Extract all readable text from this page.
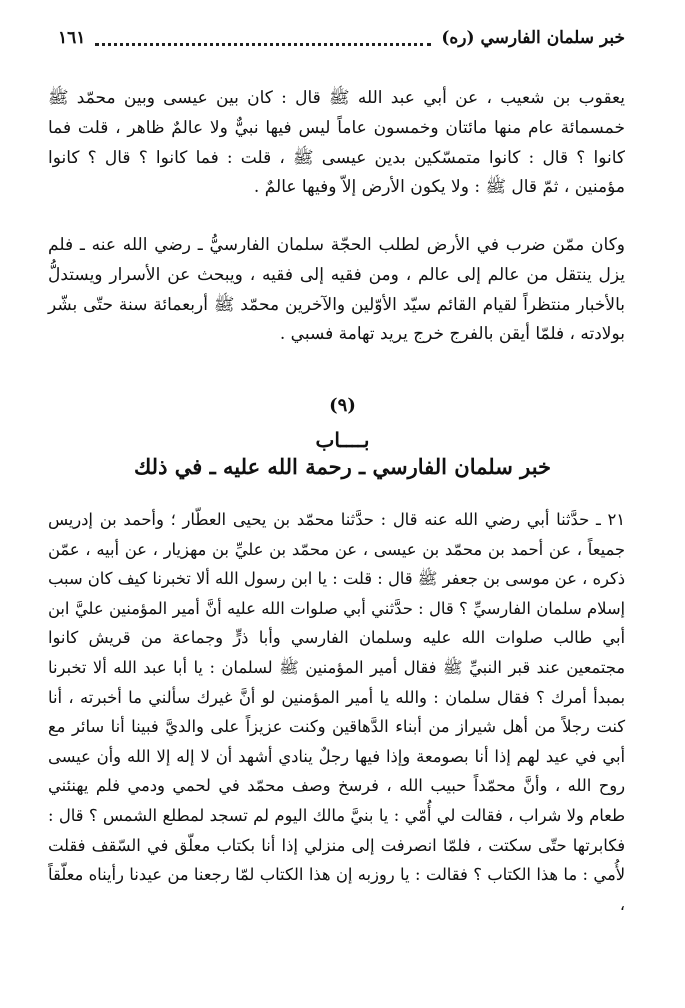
خبر سلمان الفارسي (ره)
١٦١

يعقوب بن شعيب ، عن أبي عبد الله ﷺ قال : كان بين عيسى وبين محمّد ﷺ خمسمائة عام منها مائتان وخمسون عاماً ليس فيها نبيٌّ ولا عالمٌ ظاهر ، قلت فما كانوا ؟ قال : كانوا متمسّكين بدين عيسى ﷺ ، قلت : فما كانوا ؟ قال ؟ كانوا مؤمنين ، ثمّ قال ﷺ : ولا يكون الأرض إلاّ وفيها عالمٌ .

وكان ممّن ضرب في الأرض لطلب الحجّة سلمان الفارسيُّ ـ رضي الله عنه ـ فلم يزل ينتقل من عالم إلى عالم ، ومن فقيه إلى فقيه ، ويبحث عن الأسرار ويستدلُّ بالأخبار منتظراً لقيام القائم سيّد الأوّلين والآخرين محمّد ﷺ أربعمائة سنة حتّى بشّر بولادته ، فلمّا أيقن بالفرج خرج يريد تهامة فسبي .

(٩)
بــــاب
خبر سلمان الفارسي ـ رحمة الله عليه ـ في ذلك

٢١ ـ حدَّثنا أبي رضي الله عنه قال : حدَّثنا محمّد بن يحيى العطّار ؛ وأحمد بن إدريس جميعاً ، عن أحمد بن محمّد بن عيسى ، عن محمّد بن عليِّ بن مهزيار ، عن أبيه ، عمّن ذكره ، عن موسى بن جعفر ﷺ قال : قلت : يا ابن رسول الله ألا تخبرنا كيف كان سبب إسلام سلمان الفارسيِّ ؟ قال : حدَّثني أبي صلوات الله عليه أنَّ أمير المؤمنين عليَّ ابن أبي طالب صلوات الله عليه وسلمان الفارسي وأبا ذرٍّ وجماعة من قريش كانوا مجتمعين عند قبر النبيِّ ﷺ فقال أمير المؤمنين ﷺ لسلمان : يا أبا عبد الله ألا تخبرنا بمبدأ أمرك ؟ فقال سلمان : والله يا أمير المؤمنين لو أنَّ غيرك سألني ما أخبرته ، أنا كنت رجلاً من أهل شيراز من أبناء الدَّهاقين وكنت عزيزاً على والديَّ فبينا أنا سائر مع أبي في عيد لهم إذا أنا بصومعة وإذا فيها رجلٌ ينادي أشهد أن لا إله إلا الله وأن عيسى روح الله ، وأنَّ محمّداً حبيب الله ، فرسخ وصف محمّد في لحمي ودمي فلم يهنئني طعام ولا شراب ، فقالت لي أُمّي : يا بنيَّ مالك اليوم لم تسجد لمطلع الشمس ؟ قال : فكابرتها حتّى سكتت ، فلمّا انصرفت إلى منزلي إذا أنا بكتاب معلّق في السّقف فقلت لأُمي : ما هذا الكتاب ؟ فقالت : يا روزبه إن هذا الكتاب لمّا رجعنا من عيدنا رأيناه معلّقاً ،
